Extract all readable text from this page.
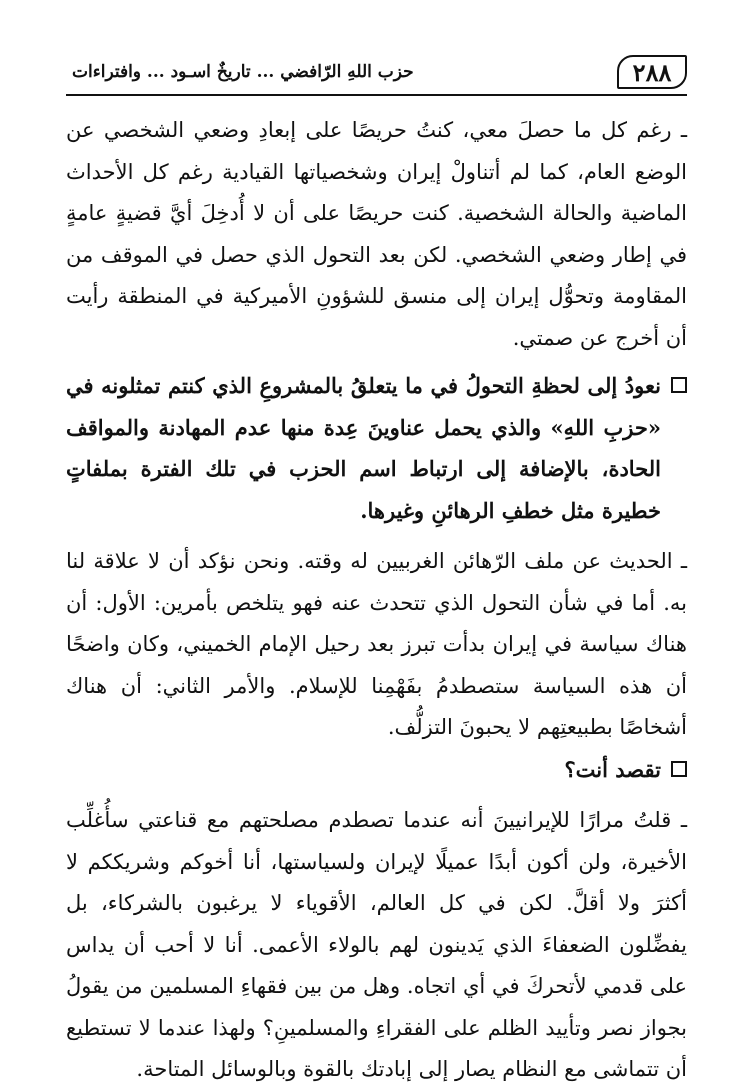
٢٨٨
حزب اللهِ الرّافضي ... تاريخٌ اسـود ... وافتراءات

ـ رغم كل ما حصلَ معي، كنتُ حريصًا على إبعادِ وضعي الشخصي عن الوضع العام، كما لم أتناولْ إيران وشخصياتها القيادية رغم كل الأحداث الماضية والحالة الشخصية. كنت حريصًا على أن لا أُدخِلَ أيَّ قضيةٍ عامةٍ في إطار وضعي الشخصي. لكن بعد التحول الذي حصل في الموقف من المقاومة وتحوُّل إيران إلى منسق للشؤونِ الأميركية في المنطقة رأيت أن أخرج عن صمتي.

نعودُ إلى لحظةِ التحولُ في ما يتعلقُ بالمشروعِ الذي كنتم تمثلونه في «حزبِ اللهِ» والذي يحمل عناوينَ عِدة منها عدم المهادنة والمواقف الحادة، بالإضافة إلى ارتباط اسم الحزب في تلك الفترة بملفاتٍ خطيرة مثل خطفِ الرهائنِ وغيرها.

ـ الحديث عن ملف الرّهائن الغربيين له وقته. ونحن نؤكد أن لا علاقة لنا به. أما في شأن التحول الذي تتحدث عنه فهو يتلخص بأمرين: الأول: أن هناك سياسة في إيران بدأت تبرز بعد رحيل الإمام الخميني، وكان واضحًا أن هذه السياسة ستصطدمُ بفَهْمِنا للإسلام. والأمر الثاني: أن هناك أشخاصًا بطبيعتِهم لا يحبونَ التزلُّف.

تقصد أنت؟

ـ قلتُ مرارًا للإيرانيينَ أنه عندما تصطدم مصلحتهم مع قناعتي سأُغلِّب الأخيرة، ولن أكون أبدًا عميلًا لإيران ولسياستها، أنا أخوكم وشريككم لا أكثرَ ولا أقلَّ. لكن في كل العالم، الأقوياء لا يرغبون بالشركاء، بل يفضِّلون الضعفاءَ الذي يَدينون لهم بالولاء الأعمى. أنا لا أحب أن يداس على قدمي لأتحركَ في أي اتجاه. وهل من بين فقهاءِ المسلمين من يقولُ بجواز نصر وتأييد الظلم على الفقراءِ والمسلمينِ؟ ولهذا عندما لا تستطيع أن تتماشى مع النظام يصار إلى إبادتك بالقوة وبالوسائل المتاحة.
